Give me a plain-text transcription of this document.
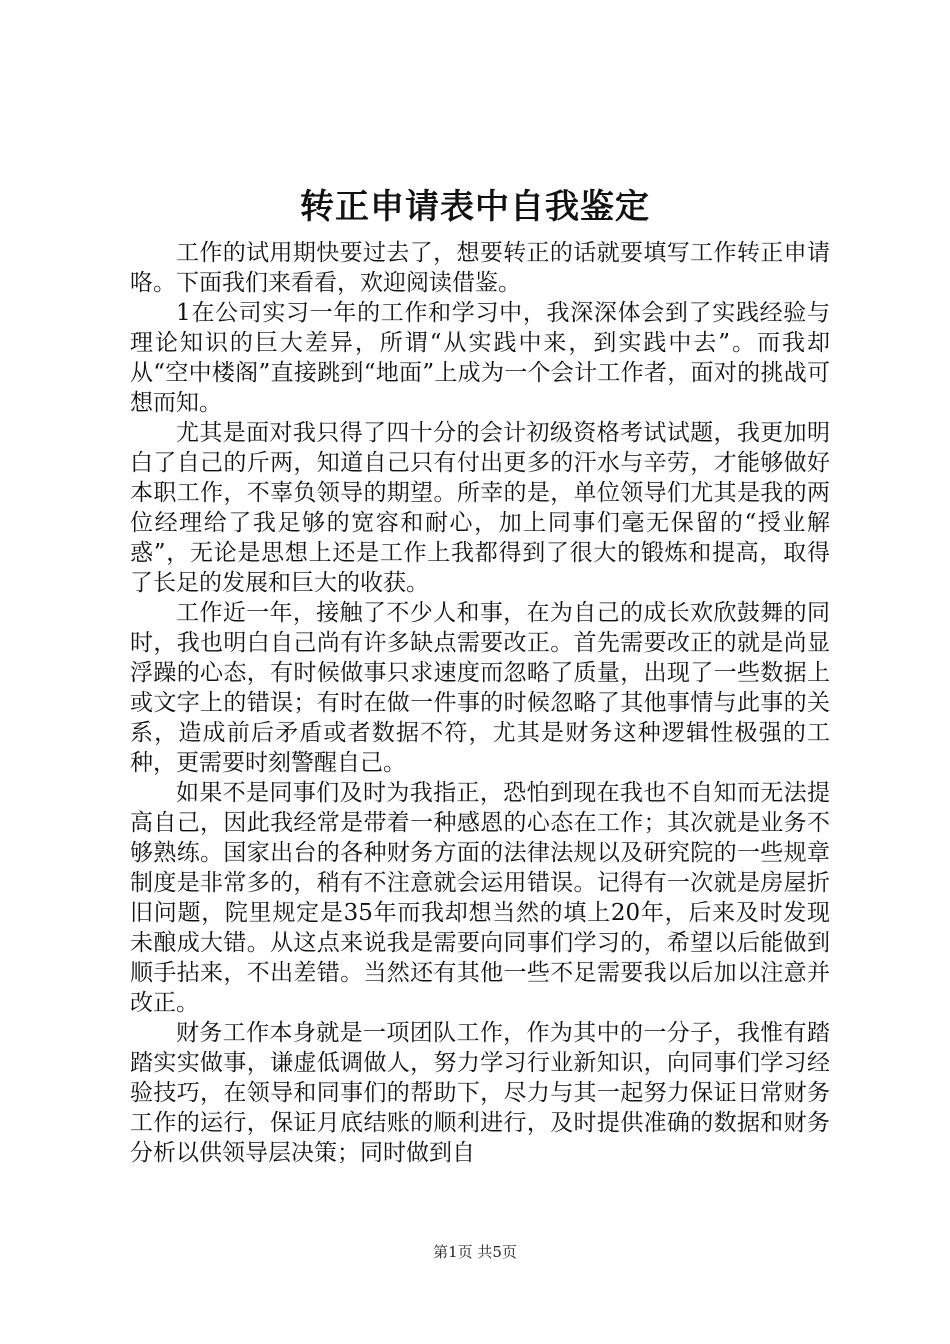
转正申请表中自我鉴定

工作的试用期快要过去了，想要转正的话就要填写工作转正申请咯。下面我们来看看，欢迎阅读借鉴。

1在公司实习一年的工作和学习中，我深深体会到了实践经验与理论知识的巨大差异，所谓“从实践中来，到实践中去”。而我却从“空中楼阁”直接跳到“地面”上成为一个会计工作者，面对的挑战可想而知。

尤其是面对我只得了四十分的会计初级资格考试试题，我更加明白了自己的斤两，知道自己只有付出更多的汗水与辛劳，才能够做好本职工作，不辜负领导的期望。所幸的是，单位领导们尤其是我的两位经理给了我足够的宽容和耐心，加上同事们毫无保留的“授业解惑”，无论是思想上还是工作上我都得到了很大的锻炼和提高，取得了长足的发展和巨大的收获。

工作近一年，接触了不少人和事，在为自己的成长欢欣鼓舞的同时，我也明白自己尚有许多缺点需要改正。首先需要改正的就是尚显浮躁的心态，有时候做事只求速度而忽略了质量，出现了一些数据上或文字上的错误；有时在做一件事的时候忽略了其他事情与此事的关系，造成前后矛盾或者数据不符，尤其是财务这种逻辑性极强的工种，更需要时刻警醒自己。

如果不是同事们及时为我指正，恐怕到现在我也不自知而无法提高自己，因此我经常是带着一种感恩的心态在工作；其次就是业务不够熟练。国家出台的各种财务方面的法律法规以及研究院的一些规章制度是非常多的，稍有不注意就会运用错误。记得有一次就是房屋折旧问题，院里规定是35年而我却想当然的填上20年，后来及时发现未酿成大错。从这点来说我是需要向同事们学习的，希望以后能做到顺手拈来，不出差错。当然还有其他一些不足需要我以后加以注意并改正。

财务工作本身就是一项团队工作，作为其中的一分子，我惟有踏踏实实做事，谦虚低调做人，努力学习行业新知识，向同事们学习经验技巧，在领导和同事们的帮助下，尽力与其一起努力保证日常财务工作的运行，保证月底结账的顺利进行，及时提供准确的数据和财务分析以供领导层决策；同时做到自

第1页 共5页
